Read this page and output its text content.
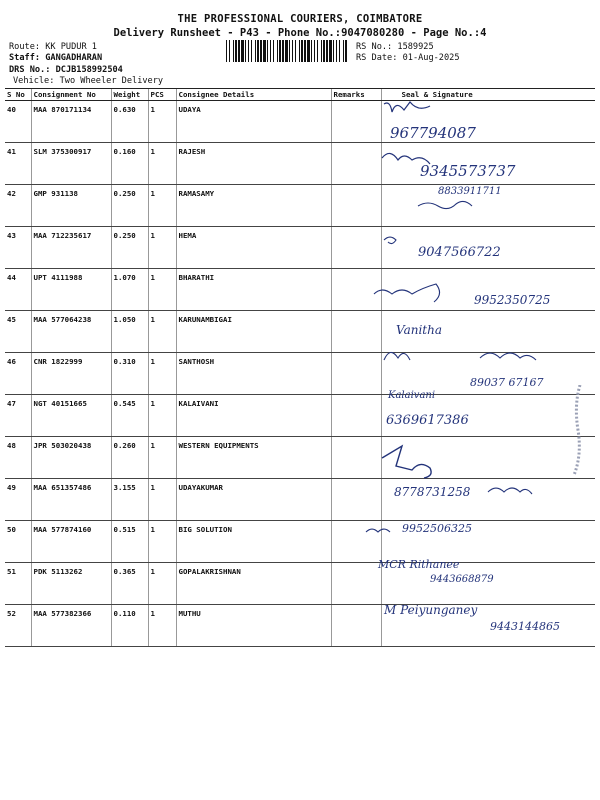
THE PROFESSIONAL COURIERS, COIMBATORE
Delivery Runsheet - P43 - Phone No.:9047080280 - Page No.:4
Route: KK PUDUR 1
Staff: GANGADHARAN
DRS No.: DCJB158992504
Vehicle: Two Wheeler Delivery
RS No.: 1589925
RS Date: 01-Aug-2025
S No	Consignment No	Weight	PCS	Consignee Details	Remarks	Seal & Signature
40	MAA 870171134	0.630	1	UDAYA		
41	SLM 375300917	0.160	1	RAJESH		
42	GMP 931138	0.250	1	RAMASAMY		
43	MAA 712235617	0.250	1	HEMA		
44	UPT 4111988	1.070	1	BHARATHI		
45	MAA 577064238	1.050	1	KARUNAMBIGAI		
46	CNR 1822999	0.310	1	SANTHOSH		
47	NGT 40151665	0.545	1	KALAIVANI		
48	JPR 503020438	0.260	1	WESTERN EQUIPMENTS		
49	MAA 651357486	3.155	1	UDAYAKUMAR		
50	MAA 577874160	0.515	1	BIG SOLUTION		
51	PDK 5113262	0.365	1	GOPALAKRISHNAN		
52	MAA 577382366	0.110	1	MUTHU		
967794087
9345573737
8833911711
9047566722
9952350725
Vanitha
89037 67167
Kalaivani
6369617386
8778731258
9952506325
MCR Rithanee
9443668879
M Peiyunganey
9443144865
